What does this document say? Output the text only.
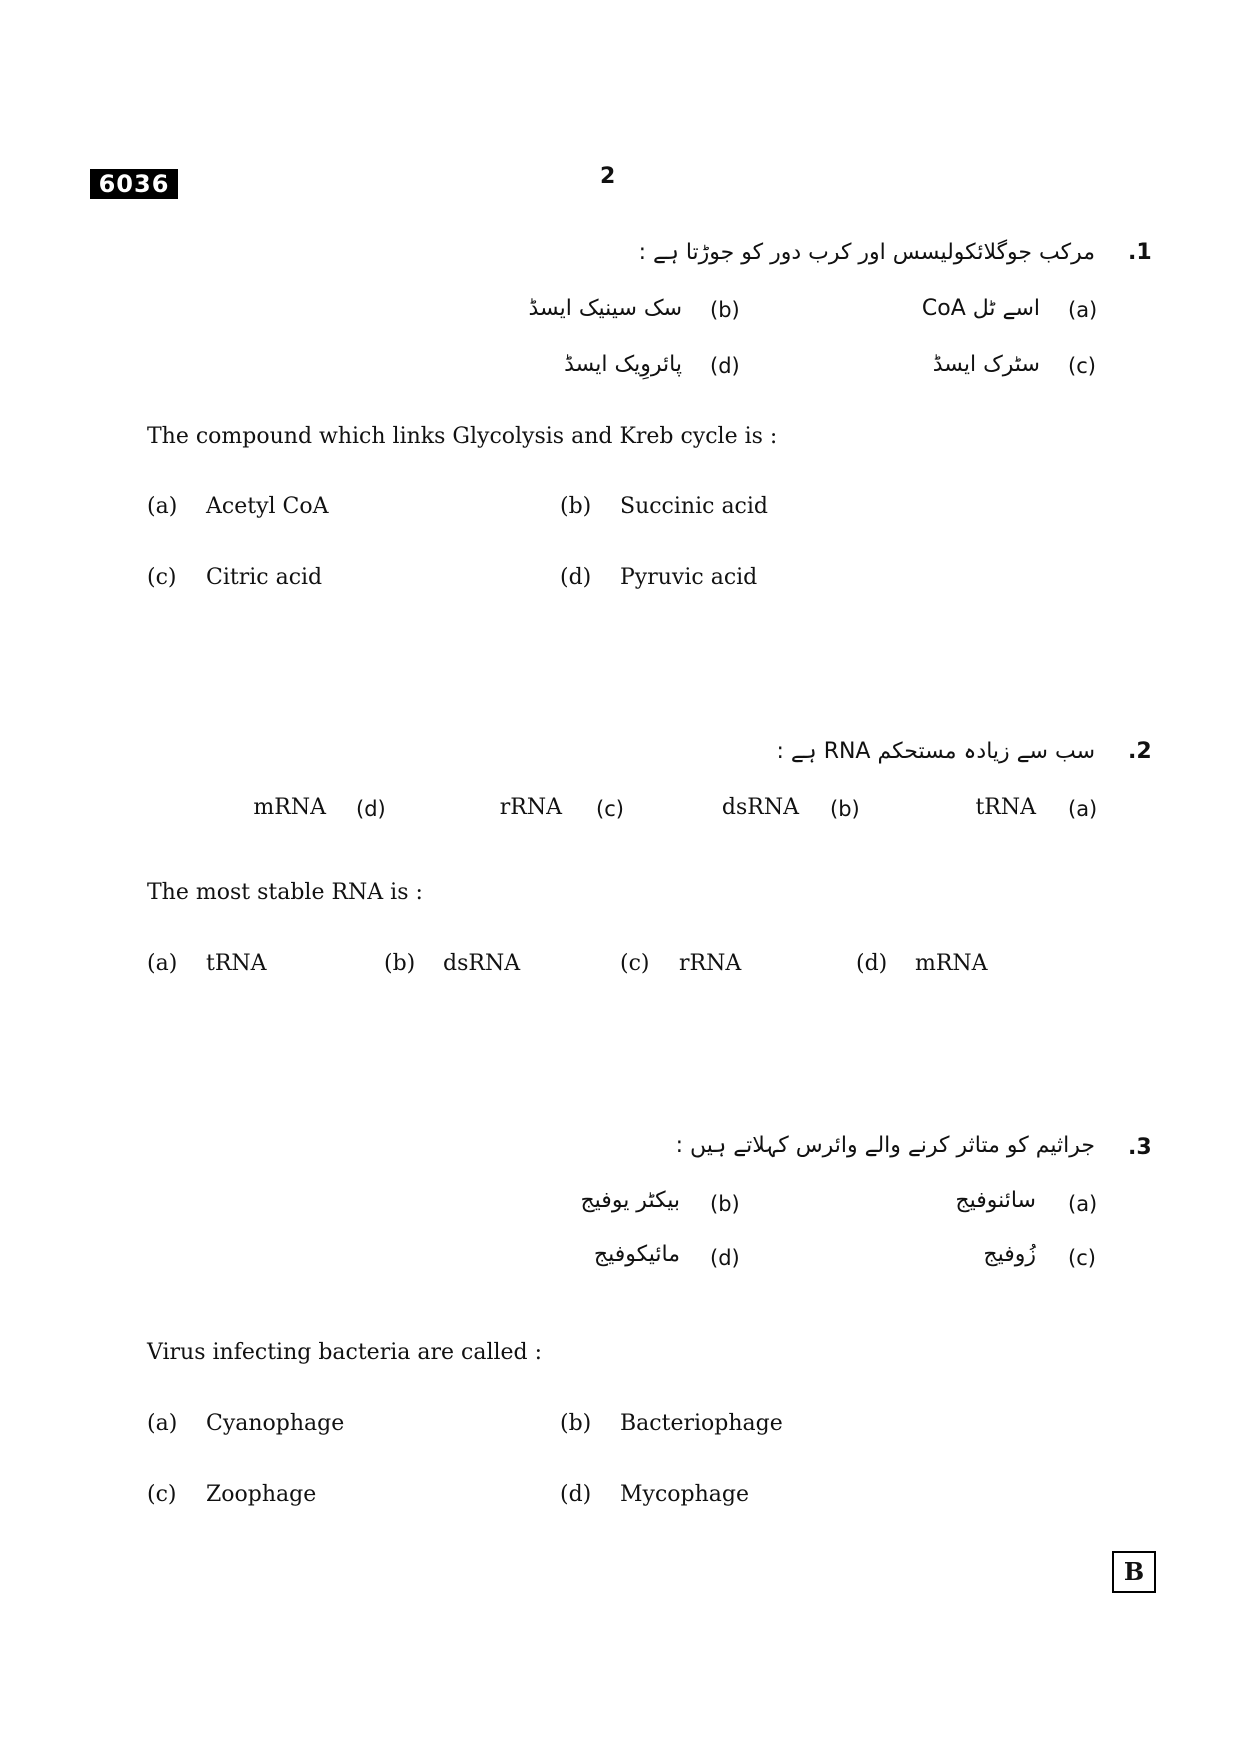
6036	2
.1
مرکب جوگلائکولیسس اور کرب دور کو جوڑتا ہے :
(a)
اسے ٹل CoA
(b)
سک سینیک ایسڈ
(c)
سٹرک ایسڈ
(d)
پائروِیک ایسڈ
The compound which links Glycolysis and Kreb cycle is :
(a) Acetyl CoA	(b) Succinic acid
(c) Citric acid	(d) Pyruvic acid
.2
سب سے زیادہ مستحکم RNA ہے :
(a)
tRNA
(b)
dsRNA
(c)
rRNA
(d)
mRNA
The most stable RNA is :
(a) tRNA	(b) dsRNA	(c) rRNA	(d) mRNA
.3
جراثیم کو متاثر کرنے والے وائرس کہلاتے ہیں :
(a)
سائنوفیج
(b)
بیکٹر یوفیج
(c)
زُوفیج
(d)
مائیکوفیج
Virus infecting bacteria are called :
(a) Cyanophage	(b) Bacteriophage
(c) Zoophage	(d) Mycophage
B
